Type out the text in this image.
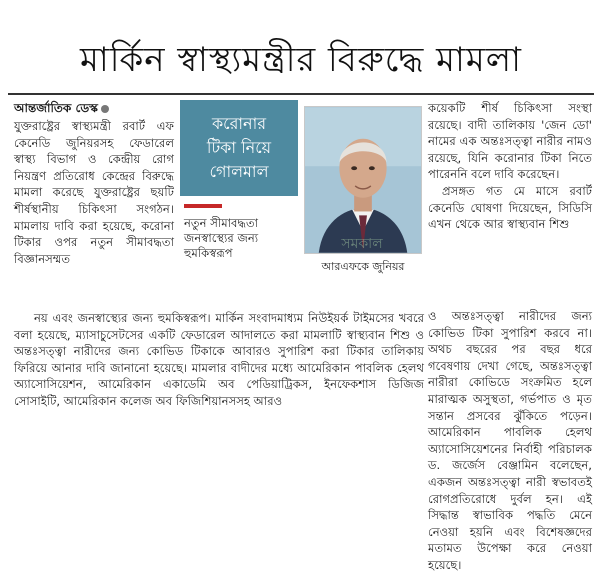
মার্কিন স্বাস্থ্যমন্ত্রীর বিরুদ্ধে মামলা
আন্তর্জাতিক ডেস্ক

যুক্তরাষ্ট্রের স্বাস্থ্যমন্ত্রী রবার্ট এফ কেনেডি জুনিয়রসহ ফেডারেল স্বাস্থ্য বিভাগ ও কেন্দ্রীয় রোগ নিয়ন্ত্রণ প্রতিরোধ কেন্দ্রের বিরুদ্ধে মামলা করেছে যুক্তরাষ্ট্রের ছয়টি শীর্ষস্থানীয় চিকিৎসা সংগঠন। মামলায় দাবি করা হয়েছে, করোনা টিকার ওপর নতুন সীমাবদ্ধতা বিজ্ঞানসম্মত

করোনার
টিকা নিয়ে
গোলমাল
নতুন সীমাবদ্ধতা জনস্বাস্থ্যের জন্য হুমকিস্বরূপ
আরএফকে জুনিয়র

কয়েকটি শীর্ষ চিকিৎসা সংস্থা রয়েছে। বাদী তালিকায় 'জেন ডো' নামের এক অন্তঃসত্ত্বা নারীর নামও রয়েছে, যিনি করোনার টিকা নিতে পারেননি বলে দাবি করেছেন।

প্রসঙ্গত গত মে মাসে রবার্ট কেনেডি ঘোষণা দিয়েছেন, সিডিসি এখন থেকে আর স্বাস্থ্যবান শিশু

সমকাল

নয় এবং জনস্বাস্থ্যের জন্য হুমকিস্বরূপ। মার্কিন সংবাদমাধ্যম নিউইয়র্ক টাইমসের খবরে বলা হয়েছে, ম্যাসাচুসেটসের একটি ফেডারেল আদালতে করা মামলাটি স্বাস্থ্যবান শিশু ও অন্তঃসত্ত্বা নারীদের জন্য কোভিড টিকাকে আবারও সুপারিশ করা টিকার তালিকায় ফিরিয়ে আনার দাবি জানানো হয়েছে। মামলার বাদীদের মধ্যে আমেরিকান পাবলিক হেলথ অ্যাসোসিয়েশন, আমেরিকান একাডেমি অব পেডিয়াট্রিকস, ইনফেকশাস ডিজিজ সোসাইটি, আমেরিকান কলেজ অব ফিজিশিয়ানসসহ আরও

ও অন্তঃসত্ত্বা নারীদের জন্য কোভিড টিকা সুপারিশ করবে না। অথচ বছরের পর বছর ধরে গবেষণায় দেখা গেছে, অন্তঃসত্ত্বা নারীরা কোভিডে সংক্রমিত হলে মারাত্মক অসুস্থতা, গর্ভপাত ও মৃত সন্তান প্রসবের ঝুঁকিতে পড়েন। আমেরিকান পাবলিক হেলথ অ্যাসোসিয়েশনের নির্বাহী পরিচালক ড. জর্জেস বেঞ্জামিন বলেছেন, একজন অন্তঃসত্ত্বা নারী স্বভাবতই রোগপ্রতিরোধে দুর্বল হন। এই সিদ্ধান্ত স্বাভাবিক পদ্ধতি মেনে নেওয়া হয়নি এবং বিশেষজ্ঞদের মতামত উপেক্ষা করে নেওয়া হয়েছে।
